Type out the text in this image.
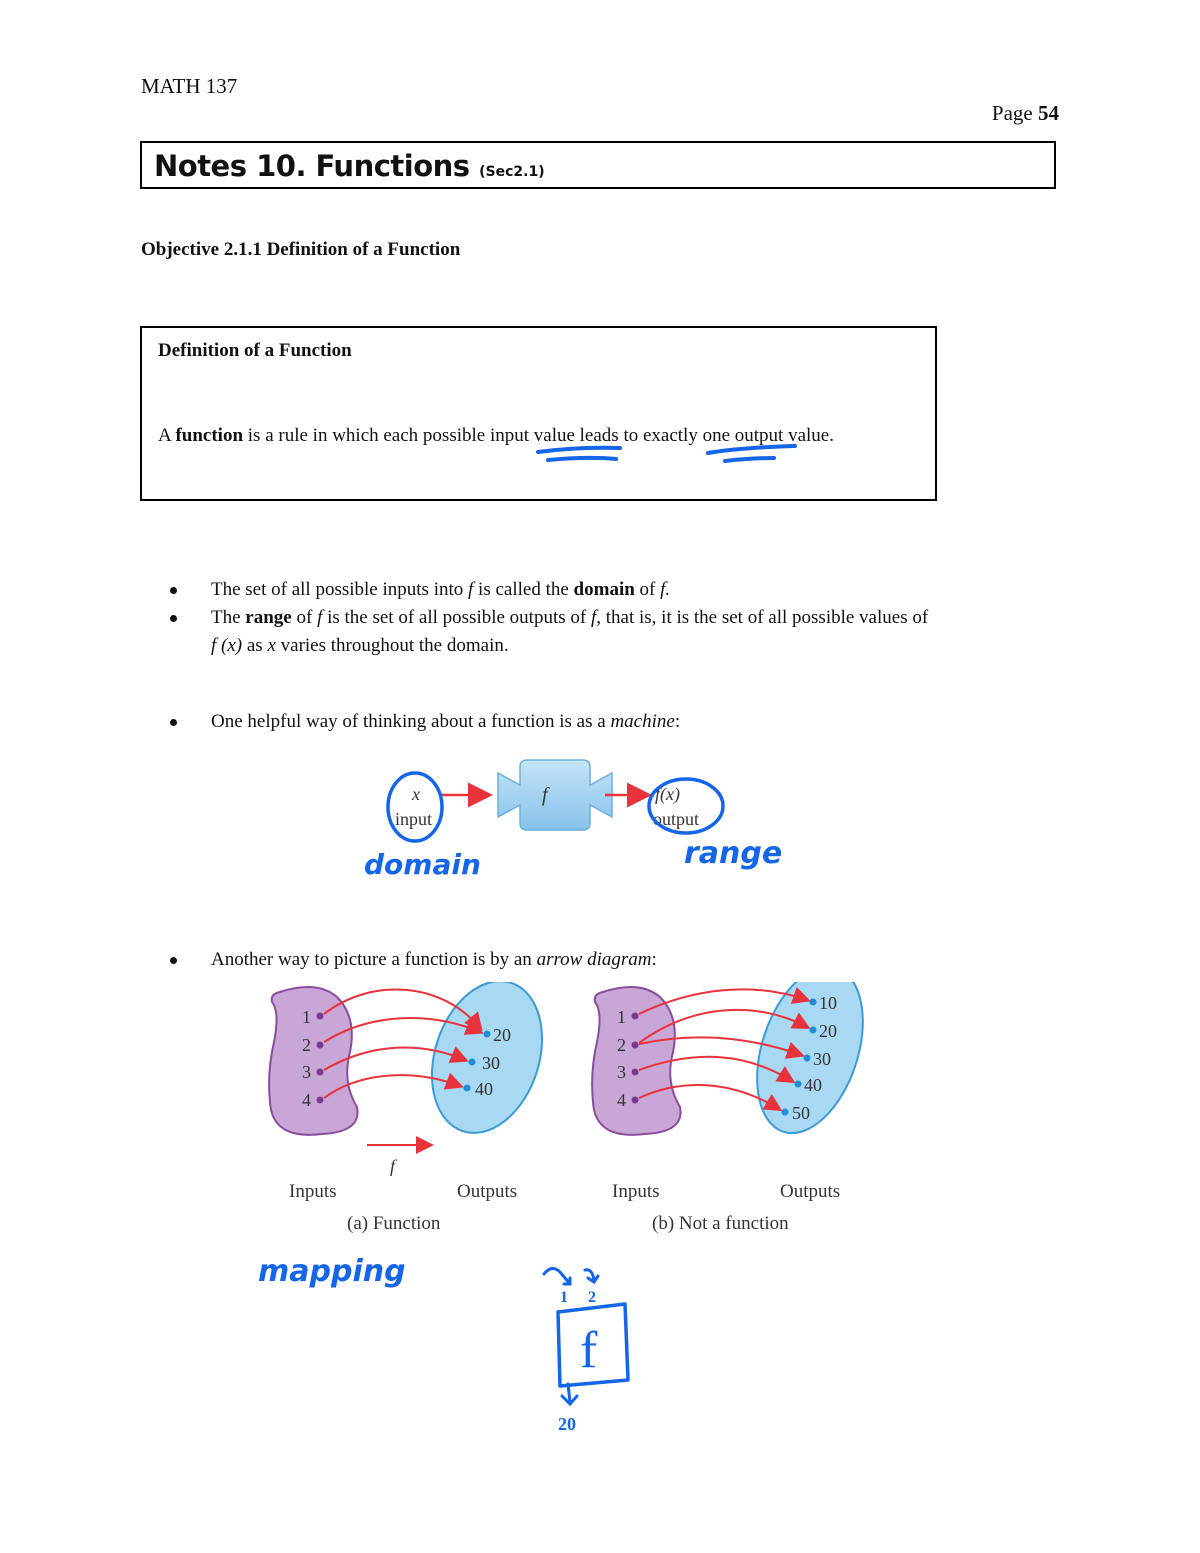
MATH 137
Page 54
Notes 10. Functions (Sec2.1)
Objective 2.1.1 Definition of a Function
Definition of a Function
A function is a rule in which each possible input value leads to exactly one output value.
The set of all possible inputs into f is called the domain of f.
The range of f is the set of all possible outputs of f, that is, it is the set of all possible values of
f (x) as x varies throughout the domain.
One helpful way of thinking about a function is as a machine:
Another way to picture a function is by an arrow diagram:
f
x
input
f(x)
output
domain	range
1
2
3
4
20
30
40
f
Inputs	Outputs
(a) Function
1
2
3
4
10
20
30
40
50
Inputs	Outputs
(b) Not a function
mapping
1 2
f
20
